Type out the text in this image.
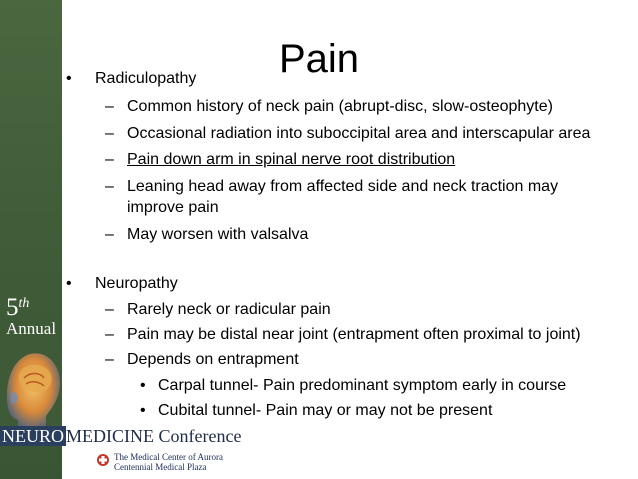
5th
Annual
NEURO MEDICINE Conference
The Medical Center of Aurora
Centennial Medical Plaza
Pain
• Radiculopathy
– Common history of neck pain (abrupt-disc, slow-osteophyte)
– Occasional radiation into suboccipital area and interscapular area
– Pain down arm in spinal nerve root distribution
– Leaning head away from affected side and neck traction may
improve pain
– May worsen with valsalva
• Neuropathy
– Rarely neck or radicular pain
– Pain may be distal near joint (entrapment often proximal to joint)
– Depends on entrapment
• Carpal tunnel- Pain predominant symptom early in course
• Cubital tunnel- Pain may or may not be present
